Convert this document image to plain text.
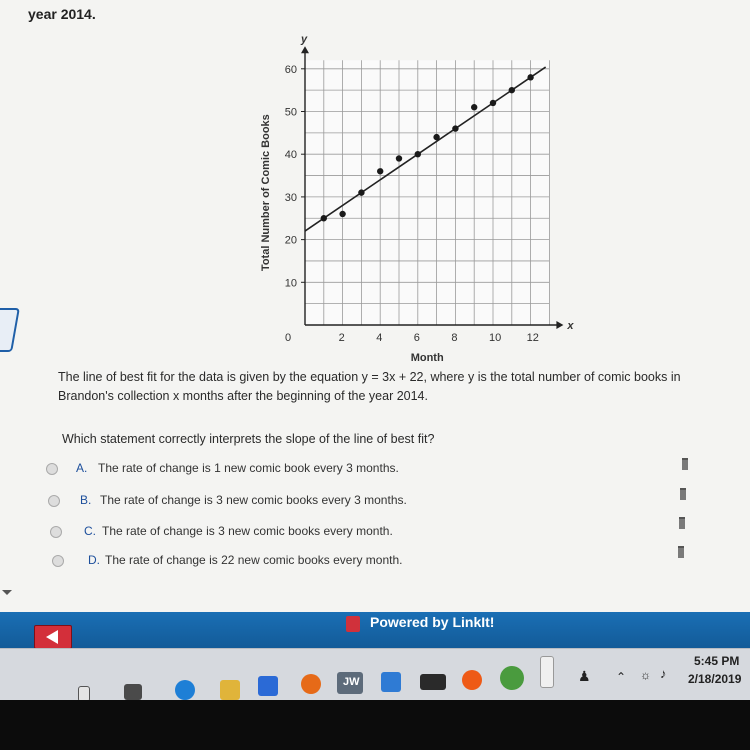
year 2014.
x
y
0	2	4	6	8	10 12
10
20
30
40
50
60
Month
Total Number of Comic Books
The line of best fit for the data is given by the equation y = 3x + 22, where y is the total number of comic books in Brandon's collection x months after the beginning of the year 2014.
Which statement correctly interprets the slope of the line of best fit?
A. The rate of change is 1 new comic book every 3 months.
B. The rate of change is 3 new comic books every 3 months.
C. The rate of change is 3 new comic books every month.
D. The rate of change is 22 new comic books every month.
Powered by LinkIt!
JW	♟ ⌃ ☼ ♪
5:45 PM
2/18/2019
